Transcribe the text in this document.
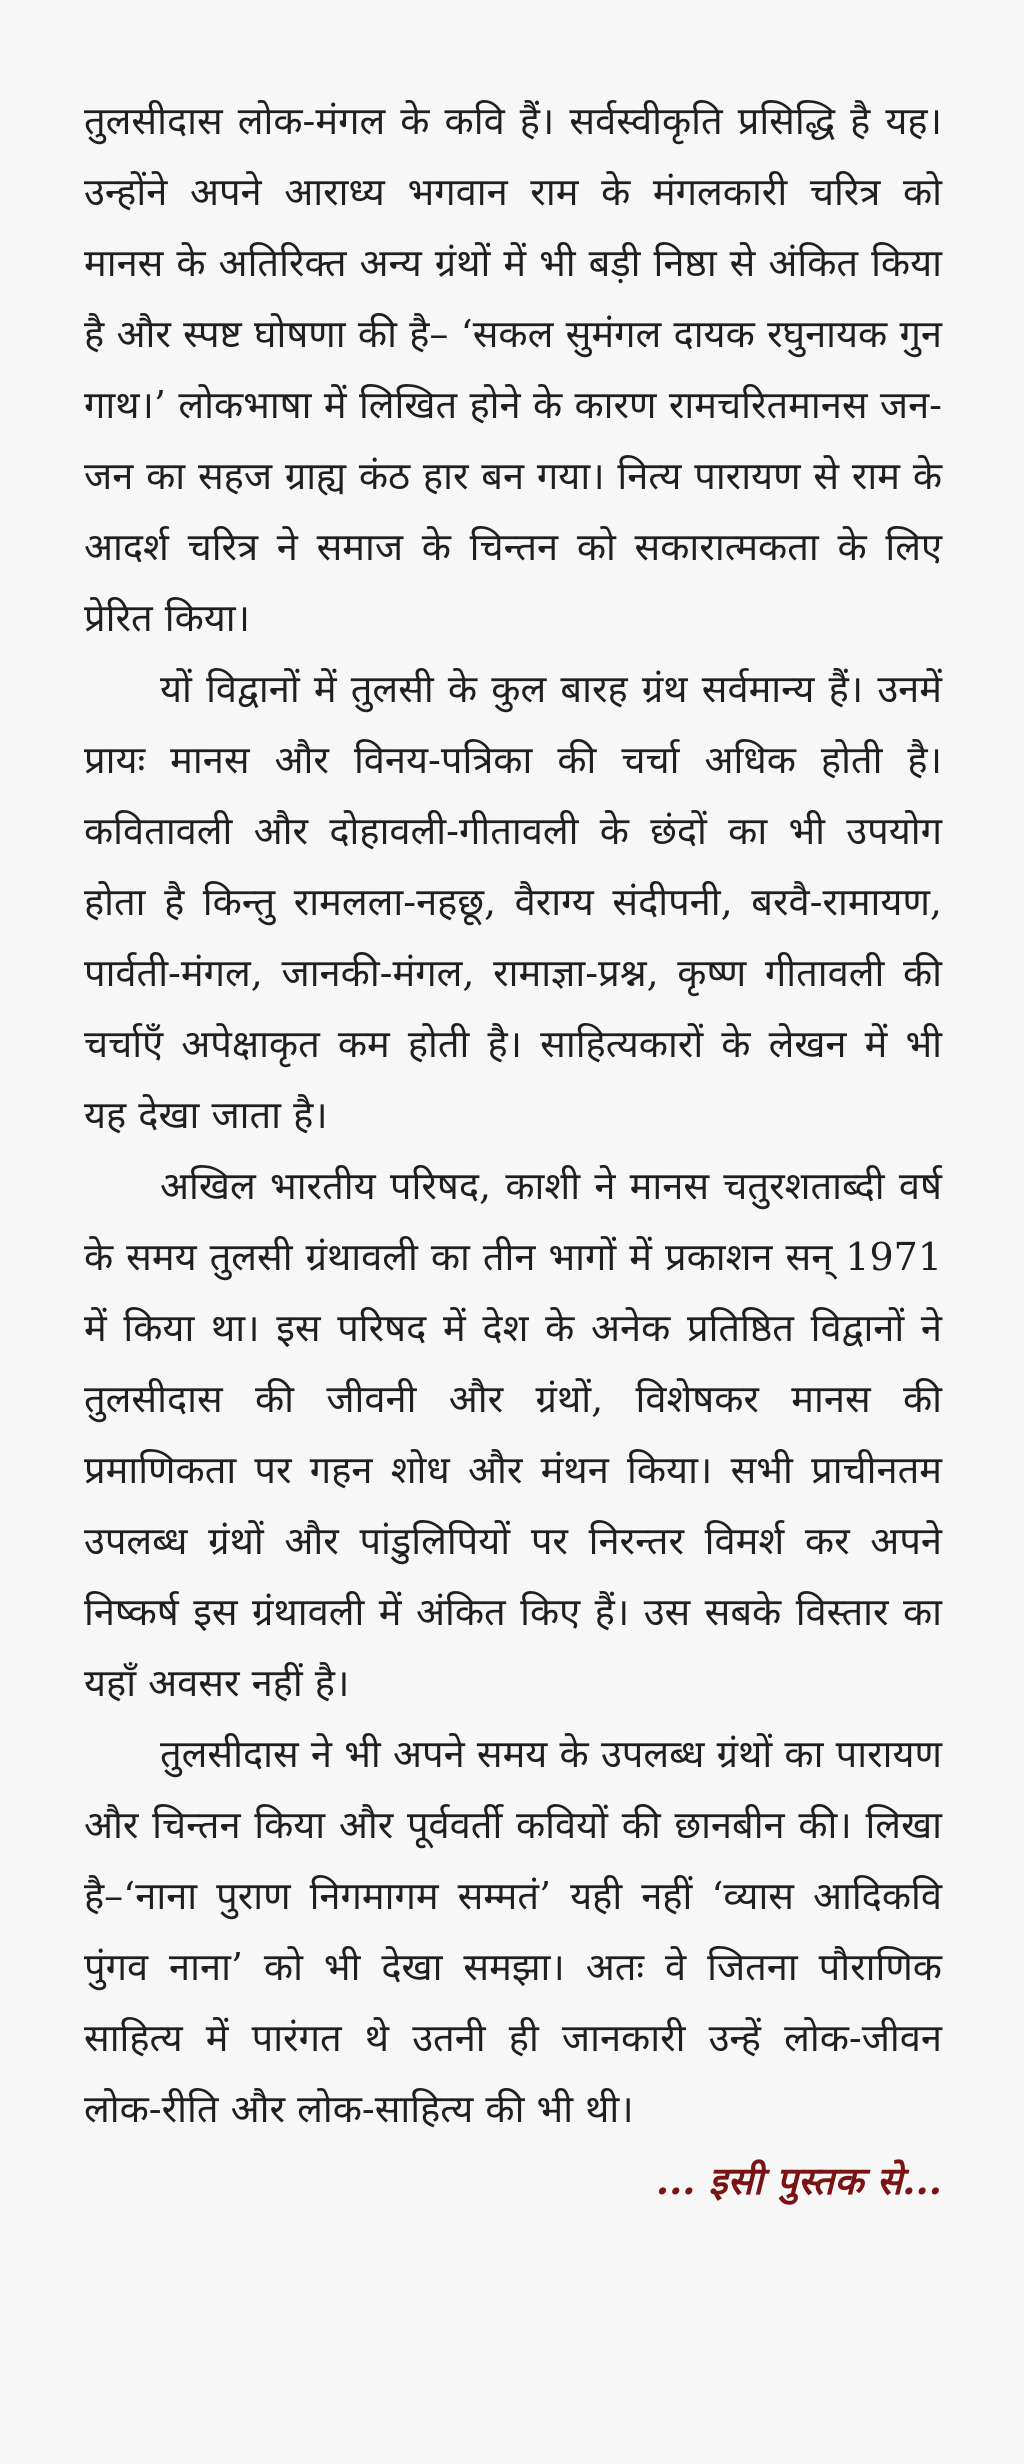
तुलसीदास लोक-मंगल के कवि हैं। सर्वस्वीकृति प्रसिद्धि है यह। उन्होंने अपने आराध्य भगवान राम के मंगलकारी चरित्र को मानस के अतिरिक्त अन्य ग्रंथों में भी बड़ी निष्ठा से अंकित किया है और स्पष्ट घोषणा की है– ‘सकल सुमंगल दायक रघुनायक गुन गाथ।’ लोकभाषा में लिखित होने के कारण रामचरितमानस जन-जन का सहज ग्राह्य कंठ हार बन गया। नित्य पारायण से राम के आदर्श चरित्र ने समाज के चिन्तन को सकारात्मकता के लिए प्रेरित किया।

यों विद्वानों में तुलसी के कुल बारह ग्रंथ सर्वमान्य हैं। उनमें प्रायः मानस और विनय-पत्रिका की चर्चा अधिक होती है। कवितावली और दोहावली-गीतावली के छंदों का भी उपयोग होता है किन्तु रामलला-नहछू, वैराग्य संदीपनी, बरवै-रामायण, पार्वती-मंगल, जानकी-मंगल, रामाज्ञा-प्रश्न, कृष्ण गीतावली की चर्चाएँ अपेक्षाकृत कम होती है। साहित्यकारों के लेखन में भी यह देखा जाता है।

अखिल भारतीय परिषद, काशी ने मानस चतुरशताब्दी वर्ष के समय तुलसी ग्रंथावली का तीन भागों में प्रकाशन सन् 1971 में किया था। इस परिषद में देश के अनेक प्रतिष्ठित विद्वानों ने तुलसीदास की जीवनी और ग्रंथों, विशेषकर मानस की प्रमाणिकता पर गहन शोध और मंथन किया। सभी प्राचीनतम उपलब्ध ग्रंथों और पांडुलिपियों पर निरन्तर विमर्श कर अपने निष्कर्ष इस ग्रंथावली में अंकित किए हैं। उस सबके विस्तार का यहाँ अवसर नहीं है।

तुलसीदास ने भी अपने समय के उपलब्ध ग्रंथों का पारायण और चिन्तन किया और पूर्ववर्ती कवियों की छानबीन की। लिखा है–‘नाना पुराण निगमागम सम्मतं’ यही नहीं ‘व्यास आदिकवि पुंगव नाना’ को भी देखा समझा। अतः वे जितना पौराणिक साहित्य में पारंगत थे उतनी ही जानकारी उन्हें लोक-जीवन लोक-रीति और लोक-साहित्य की भी थी।

... इसी पुस्तक से...
